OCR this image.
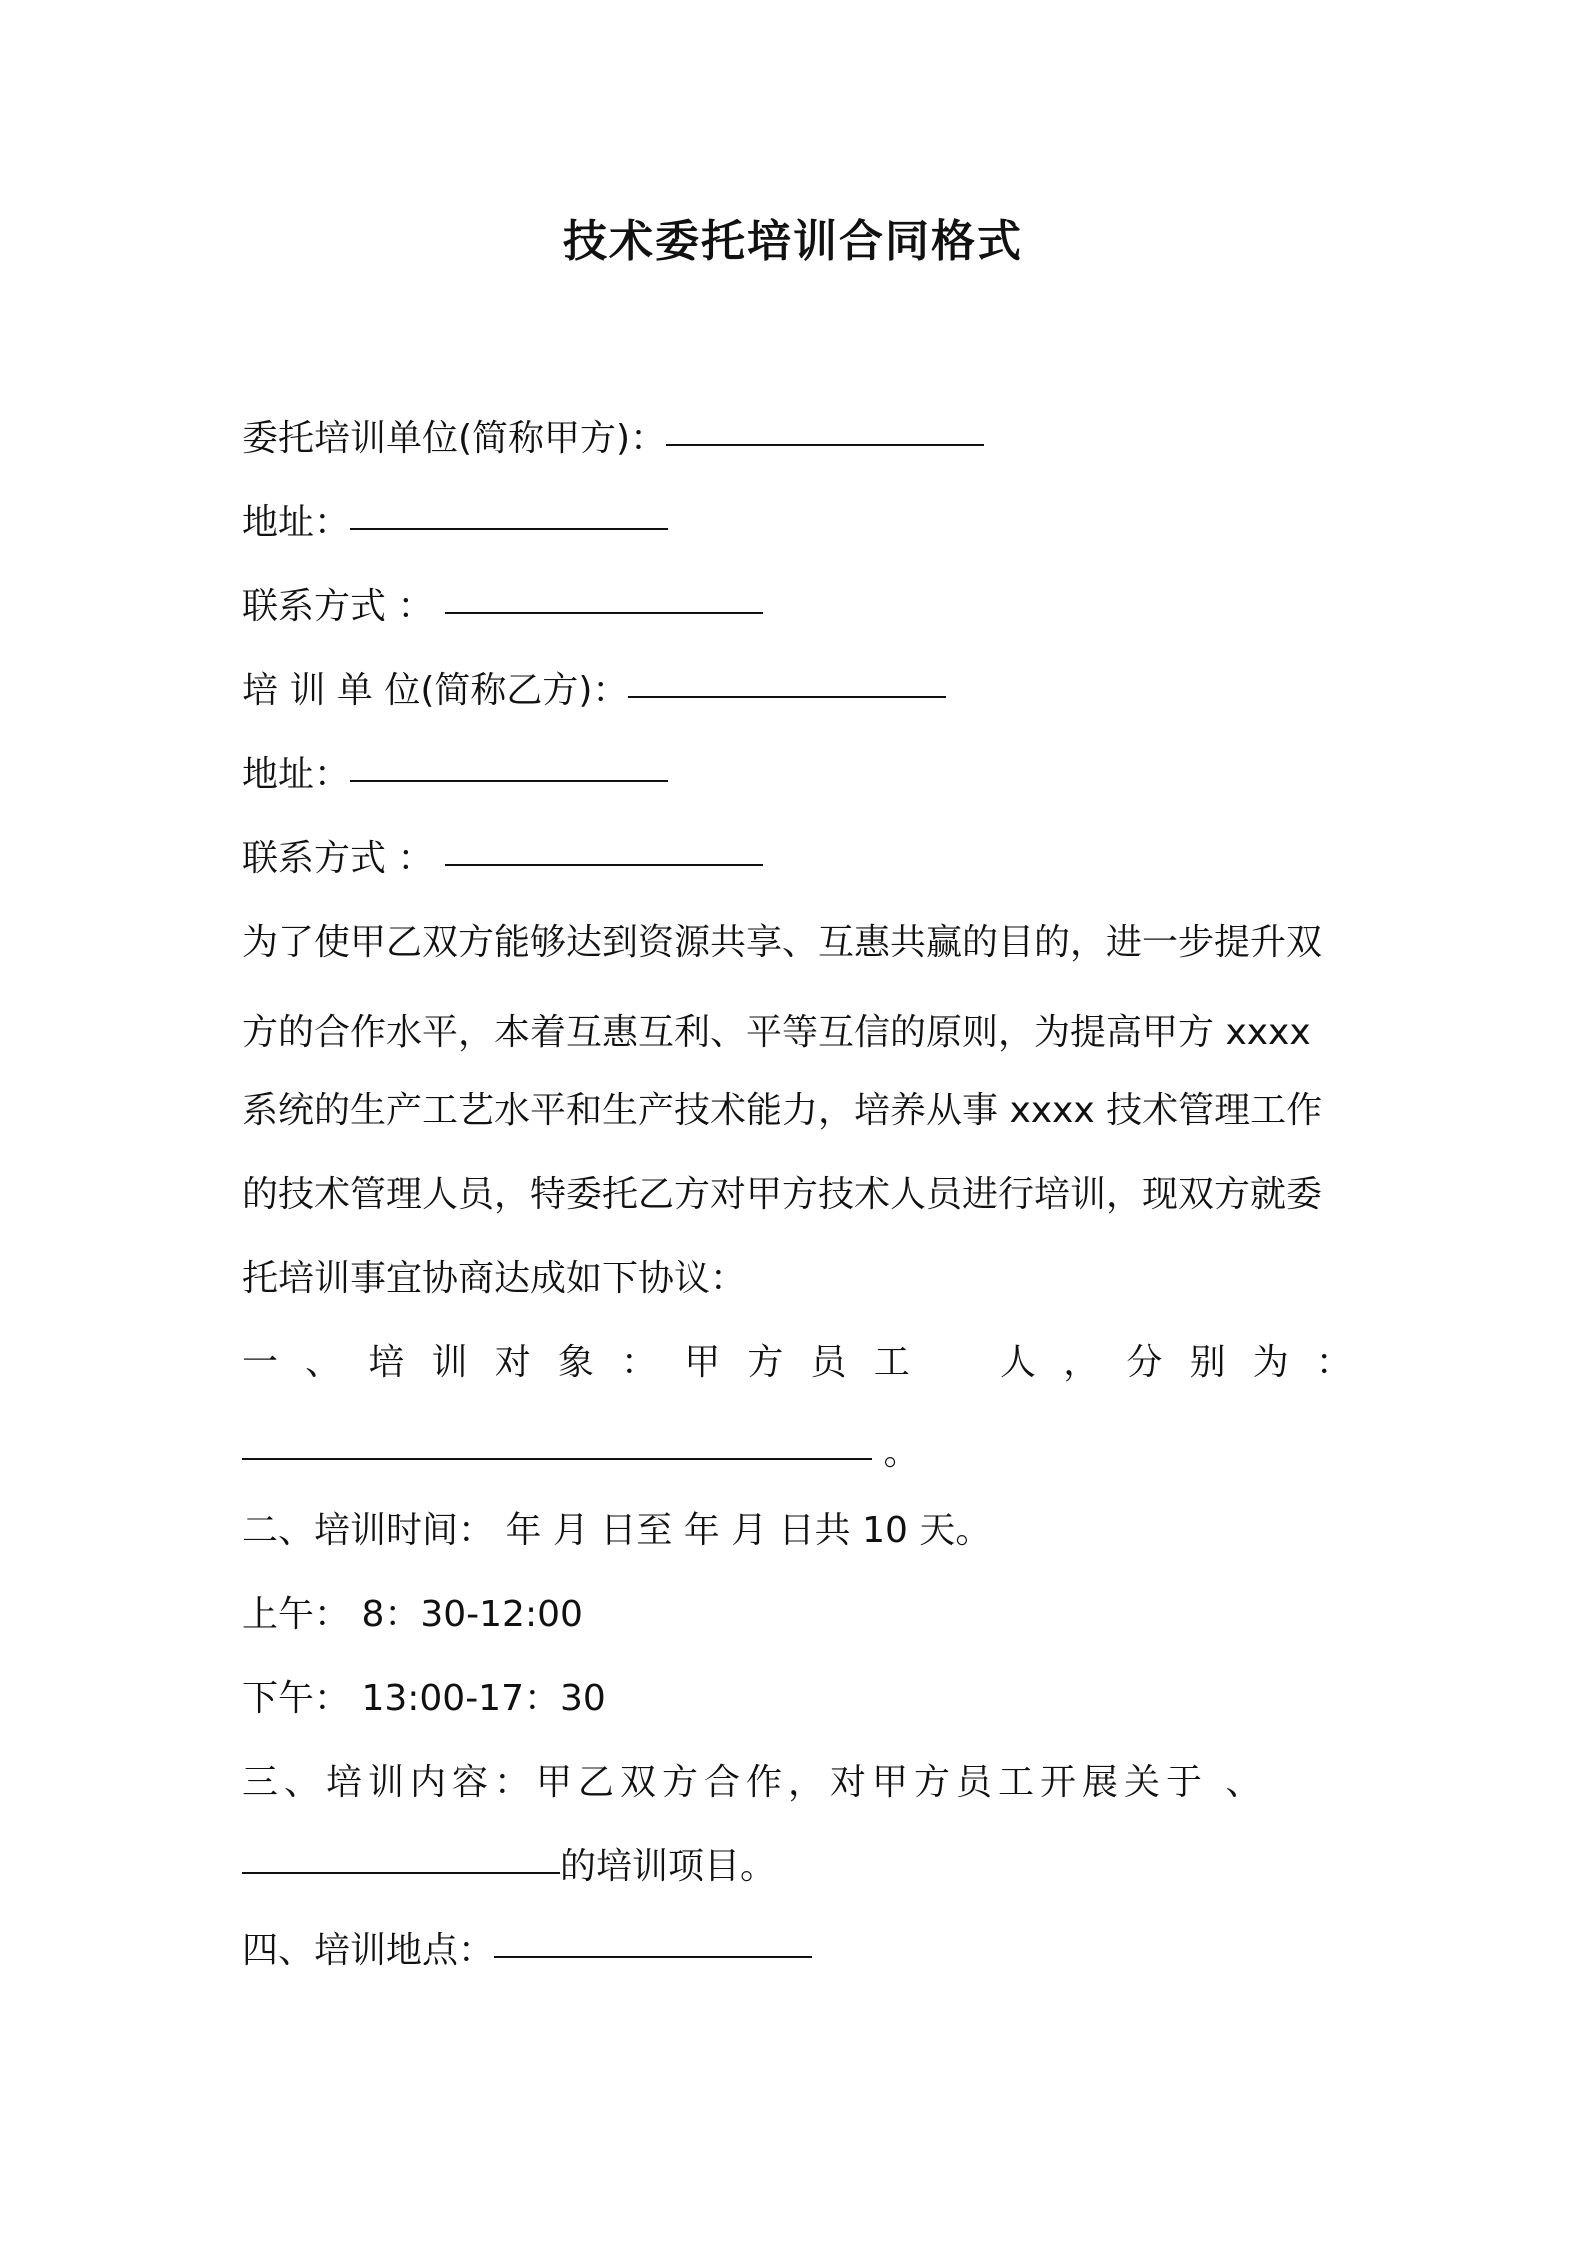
技术委托培训合同格式
委托培训单位(简称甲方)：
地址：
联系方式 ：
培 训 单 位(简称乙方)：
地址：
联系方式 ：
为了使甲乙双方能够达到资源共享、互惠共赢的目的，进一步提升双
方的合作水平，本着互惠互利、平等互信的原则，为提高甲方 xxxx
系统的生产工艺水平和生产技术能力，培养从事 xxxx 技术管理工作
的技术管理人员，特委托乙方对甲方技术人员进行培训，现双方就委
托培训事宜协商达成如下协议：
一 、 培 训 对 象 ： 甲 方 员 工	人 ， 分 别 为 ：
。
二、培训时间： 年 月 日至 年 月 日共 10 天。
上午： 8：30-12:00
下午： 13:00-17：30
三、培训内容：甲乙双方合作，对甲方员工开展关于 、
的培训项目。
四、培训地点：
